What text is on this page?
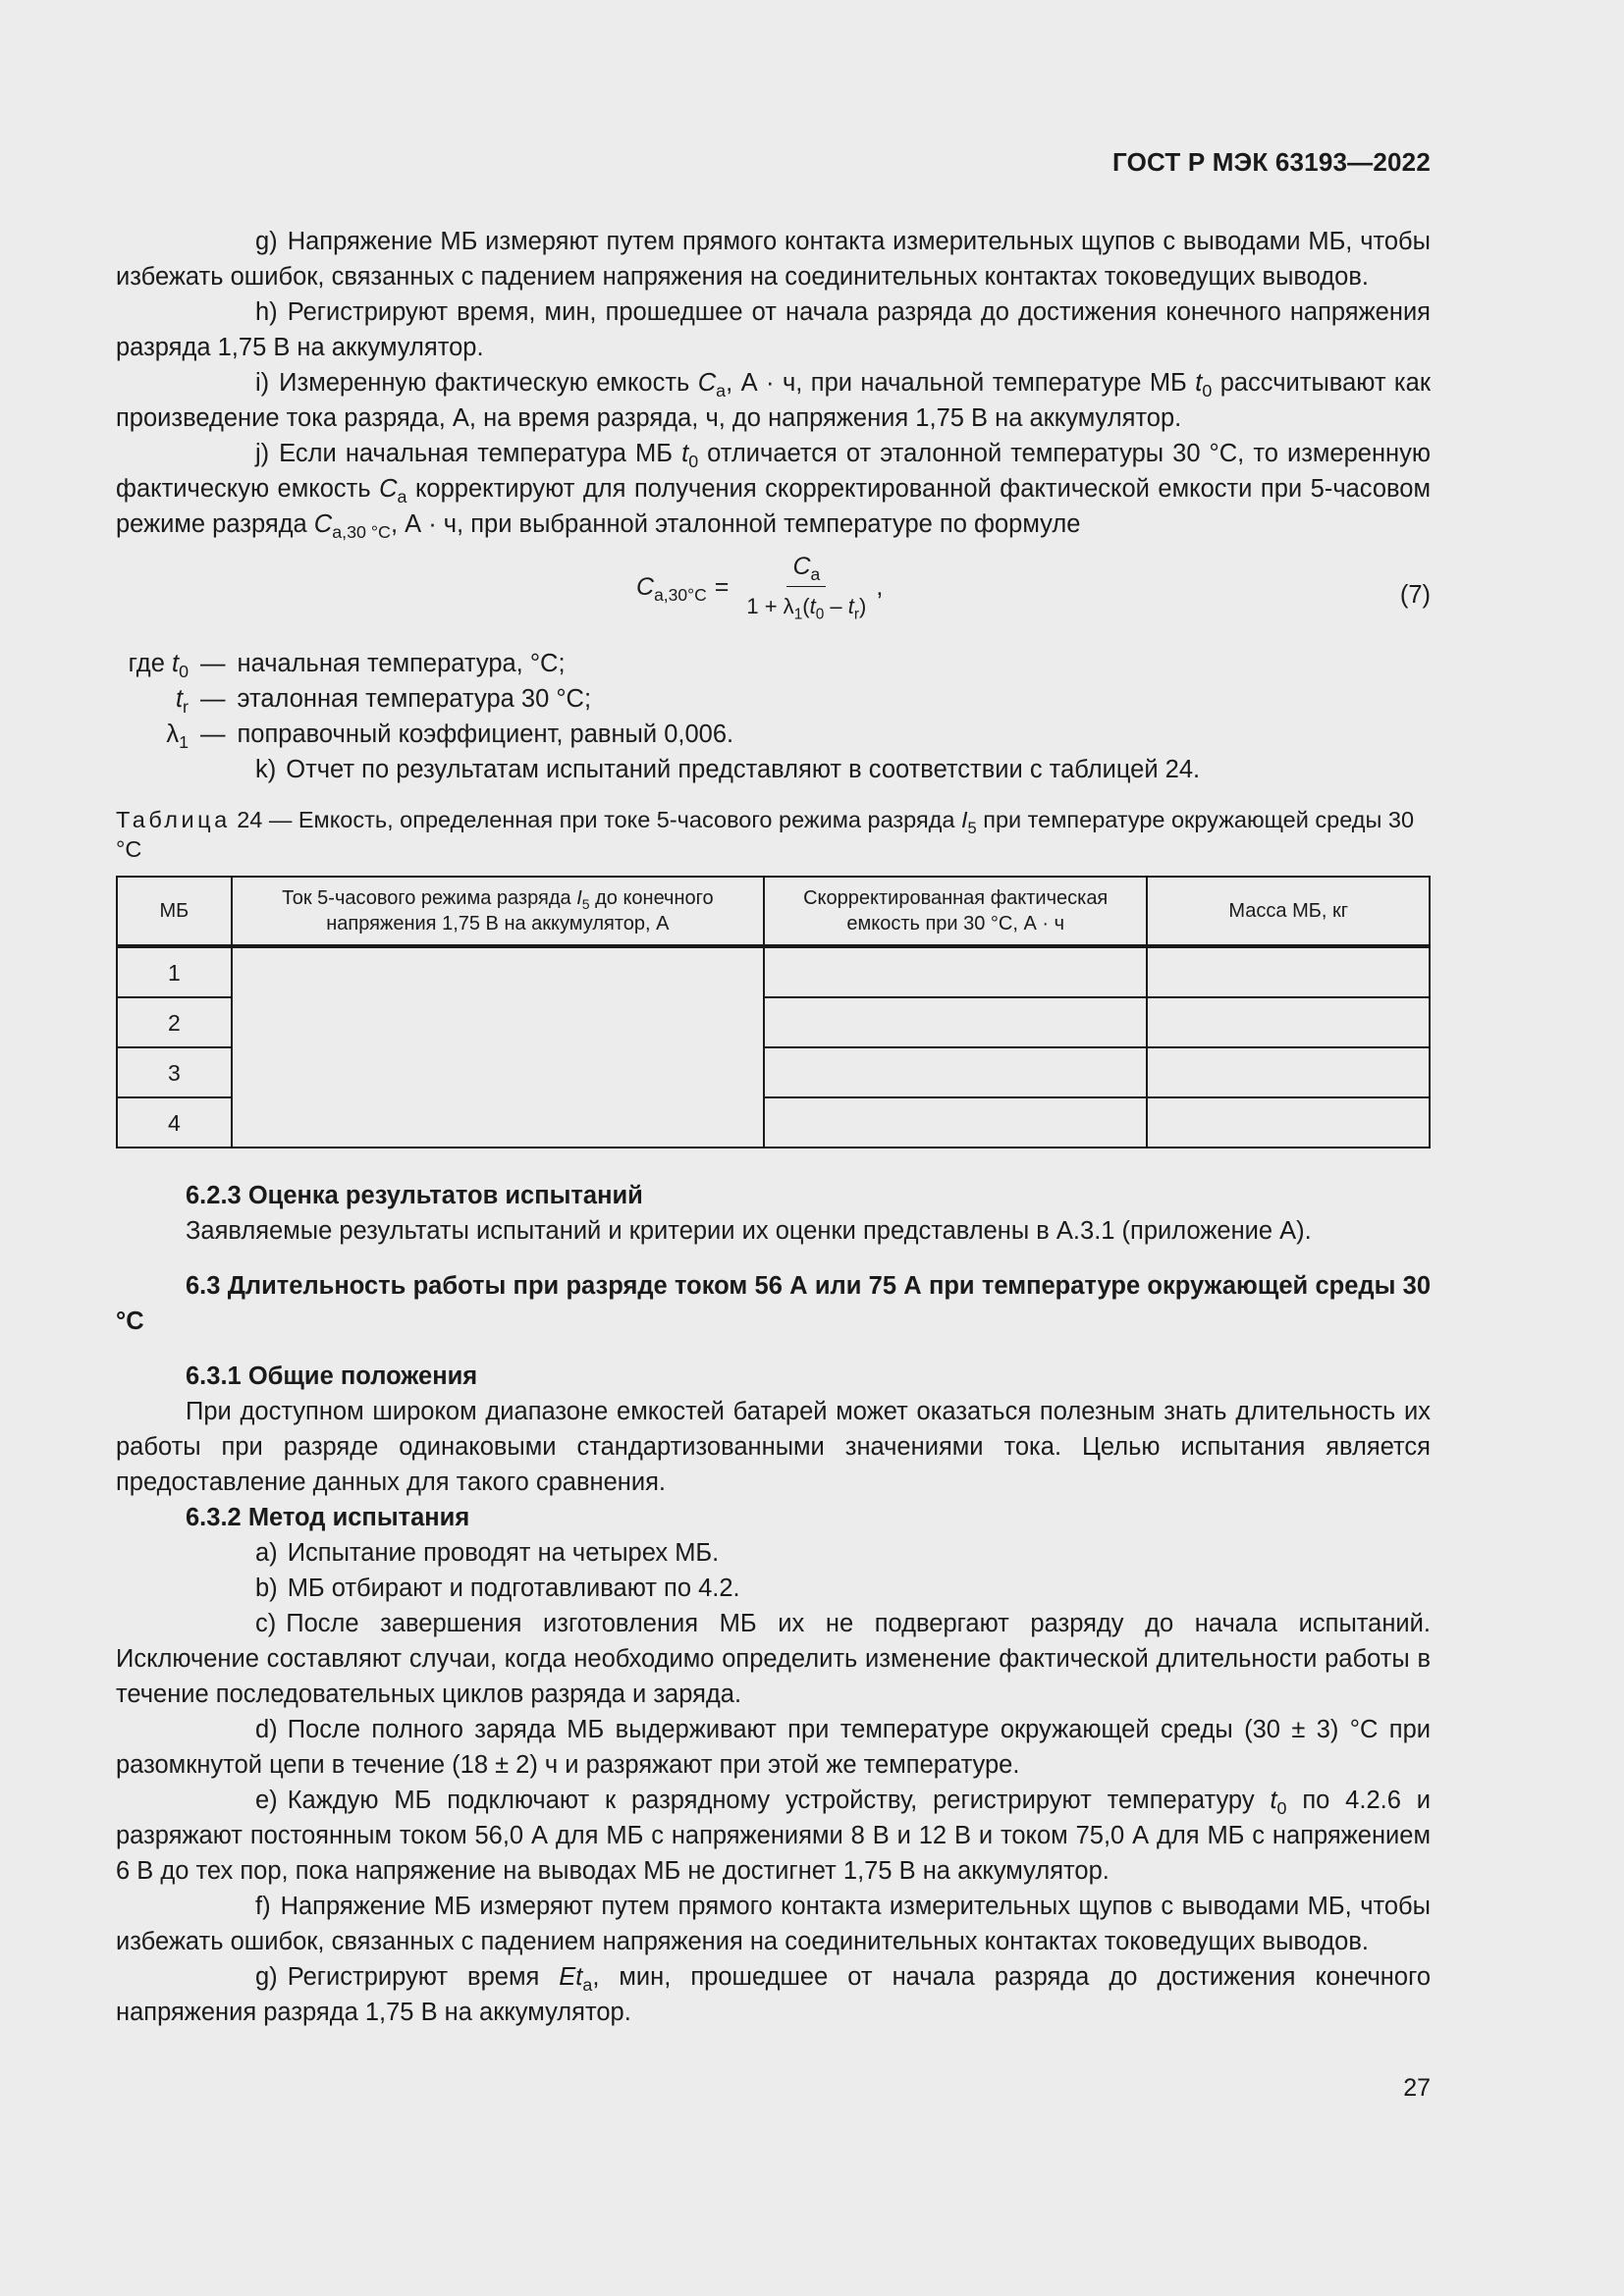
ГОСТ Р МЭК 63193—2022

g) Напряжение МБ измеряют путем прямого контакта измерительных щупов с выводами МБ, чтобы избежать ошибок, связанных с падением напряжения на соединительных контактах токоведущих выводов.

h) Регистрируют время, мин, прошедшее от начала разряда до достижения конечного напряжения разряда 1,75 В на аккумулятор.

i) Измеренную фактическую емкость $C_a$, А · ч, при начальной температуре МБ $t_0$ рассчитывают как произведение тока разряда, А, на время разряда, ч, до напряжения 1,75 В на аккумулятор.

j) Если начальная температура МБ $t_0$ отличается от эталонной температуры 30 °C, то измеренную фактическую емкость $C_a$ корректируют для получения скорректированной фактической емкости при 5-часовом режиме разряда $C_{a,30 ^\circ C}$, А · ч, при выбранной эталонной температуре по формуле

$C_{a,30^\circ C} = \frac{C_a}{1 + \lambda_1(t_0 - t_r)}$ ,	(7)
где $t_0$ — начальная температура, °C;
$t_r$ — эталонная температура 30 °C;
$\lambda_1$ — поправочный коэффициент, равный 0,006.

k) Отчет по результатам испытаний представляют в соответствии с таблицей 24.

Таблица 24 — Емкость, определенная при токе 5-часового режима разряда $I_5$ при температуре окружающей среды 30 °C
МБ	Ток 5-часового режима разряда $I_5$ до конечного напряжения 1,75 В на аккумулятор, А	Скорректированная фактическая емкость при 30 °C, А · ч	Масса МБ, кг
1			
2			
3			
4			
6.2.3 Оценка результатов испытаний

Заявляемые результаты испытаний и критерии их оценки представлены в А.3.1 (приложение А).

6.3 Длительность работы при разряде током 56 А или 75 А при температуре окружающей среды 30 °C

6.3.1 Общие положения

При доступном широком диапазоне емкостей батарей может оказаться полезным знать длительность их работы при разряде одинаковыми стандартизованными значениями тока. Целью испытания является предоставление данных для такого сравнения.

6.3.2 Метод испытания

a) Испытание проводят на четырех МБ.

b) МБ отбирают и подготавливают по 4.2.

c) После завершения изготовления МБ их не подвергают разряду до начала испытаний. Исключение составляют случаи, когда необходимо определить изменение фактической длительности работы в течение последовательных циклов разряда и заряда.

d) После полного заряда МБ выдерживают при температуре окружающей среды (30 ± 3) °C при разомкнутой цепи в течение (18 ± 2) ч и разряжают при этой же температуре.

e) Каждую МБ подключают к разрядному устройству, регистрируют температуру $t_0$ по 4.2.6 и разряжают постоянным током 56,0 А для МБ с напряжениями 8 В и 12 В и током 75,0 А для МБ с напряжением 6 В до тех пор, пока напряжение на выводах МБ не достигнет 1,75 В на аккумулятор.

f) Напряжение МБ измеряют путем прямого контакта измерительных щупов с выводами МБ, чтобы избежать ошибок, связанных с падением напряжения на соединительных контактах токоведущих выводов.

g) Регистрируют время $Et_a$, мин, прошедшее от начала разряда до достижения конечного напряжения разряда 1,75 В на аккумулятор.

27
